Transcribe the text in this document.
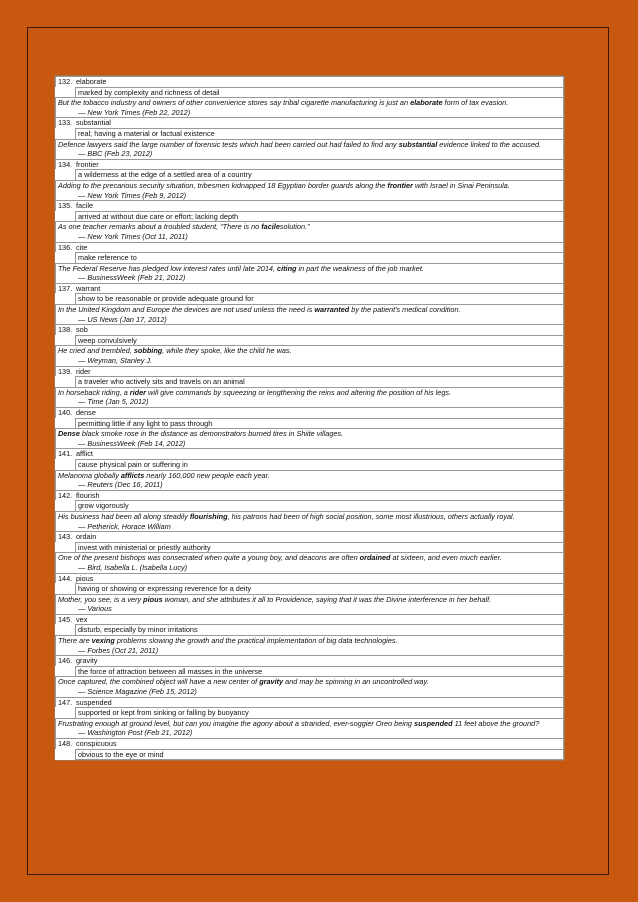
132. elaborate
marked by complexity and richness of detail
But the tobacco industry and owners of other convenience stores say tribal cigarette manufacturing is just an elaborate form of tax evasion.
— New York Times (Feb 22, 2012)
133. substantial
real; having a material or factual existence
Defence lawyers said the large number of forensic tests which had been carried out had failed to find any substantial evidence linked to the accused.
— BBC (Feb 23, 2012)
134. frontier
a wilderness at the edge of a settled area of a country
Adding to the precarious security situation, tribesmen kidnapped 18 Egyptian border guards along the frontier with Israel in Sinai Peninsula.
— New York Times (Feb 9, 2012)
135. facile
arrived at without due care or effort; lacking depth
As one teacher remarks about a troubled student, “There is no facilesolution.”
— New York Times (Oct 11, 2011)
136. cite
make reference to
The Federal Reserve has pledged low interest rates until late 2014, citing in part the weakness of the job market.
— BusinessWeek (Feb 21, 2012)
137. warrant
show to be reasonable or provide adequate ground for
In the United Kingdom and Europe the devices are not used unless the need is warranted by the patient's medical condition.
— US News (Jan 17, 2012)
138. sob
weep convulsively
He cried and trembled, sobbing, while they spoke, like the child he was.
— Weyman, Stanley J.
139. rider
a traveler who actively sits and travels on an animal
In horseback riding, a rider will give commands by squeezing or lengthening the reins and altering the position of his legs.
— Time (Jan 5, 2012)
140. dense
permitting little if any light to pass through
Dense black smoke rose in the distance as demonstrators burned tires in Shiite villages.
— BusinessWeek (Feb 14, 2012)
141. afflict
cause physical pain or suffering in
Melanoma globally afflicts nearly 160,000 new people each year.
— Reuters (Dec 16, 2011)
142. flourish
grow vigorously
His business had been all along steadily flourishing, his patrons had been of high social position, some most illustrious, others actually royal.
— Petherick, Horace William
143. ordain
invest with ministerial or priestly authority
One of the present bishops was consecrated when quite a young boy, and deacons are often ordained at sixteen, and even much earlier.
— Bird, Isabella L. (Isabella Lucy)
144. pious
having or showing or expressing reverence for a deity
Mother, you see, is a very pious woman, and she attributes it all to Providence, saying that it was the Divine interference in her behalf.
— Various
145. vex
disturb, especially by minor irritations
There are vexing problems slowing the growth and the practical implementation of big data technologies.
— Forbes (Oct 21, 2011)
146. gravity
the force of attraction between all masses in the universe
Once captured, the combined object will have a new center of gravity and may be spinning in an uncontrolled way.
— Science Magazine (Feb 15, 2012)
147. suspended
supported or kept from sinking or falling by buoyancy
Frustrating enough at ground level, but can you imagine the agony about a stranded, ever-soggier Oreo being suspended 11 feet above the ground?
— Washington Post (Feb 21, 2012)
148. conspicuous
obvious to the eye or mind
